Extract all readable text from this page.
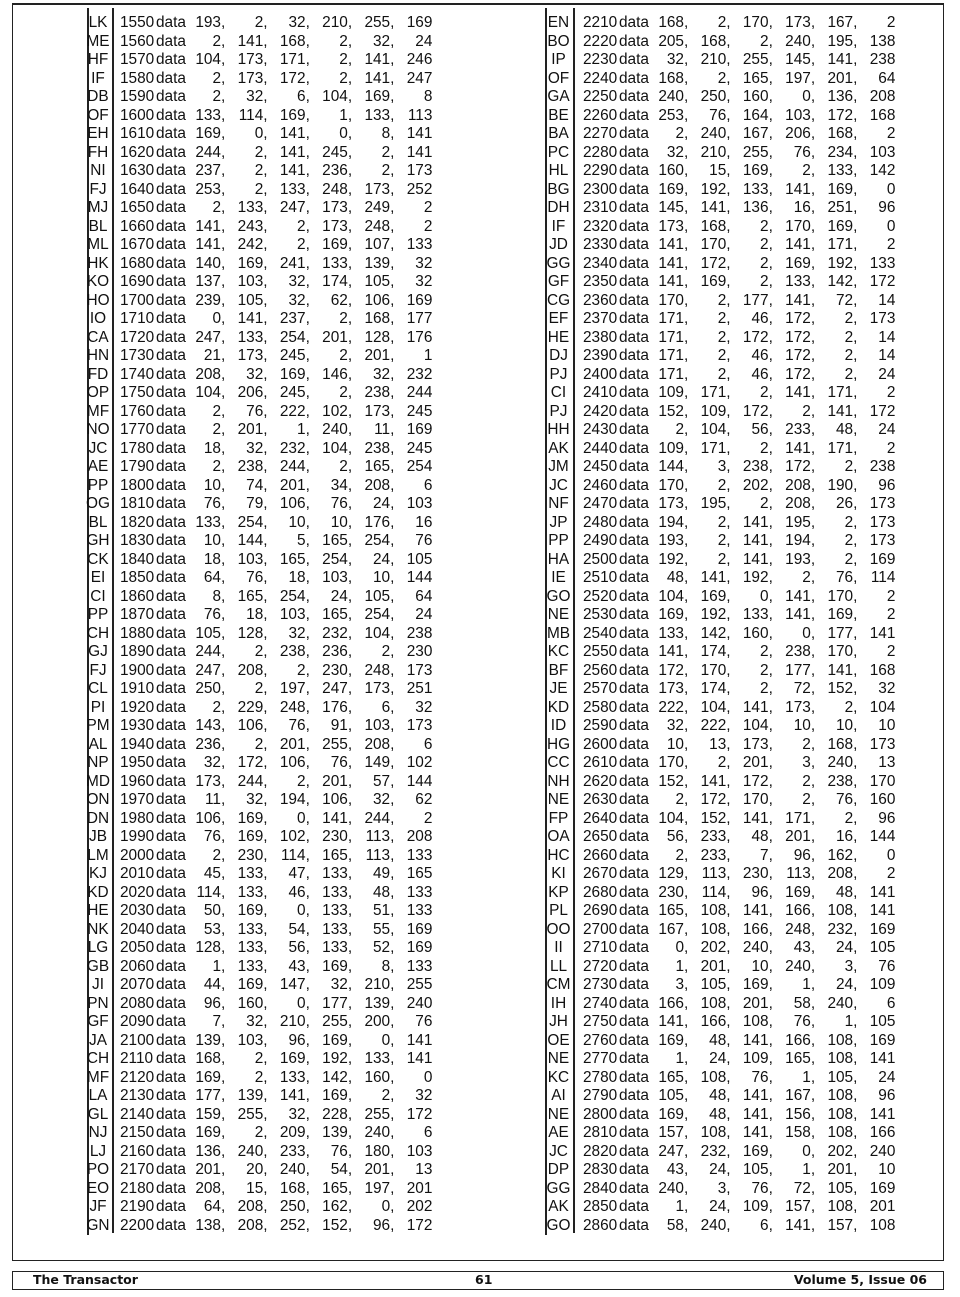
LK 1550 data 193, 2, 32, 210, 255, 169
ME 1560 data 2, 141, 168, 2, 32, 24
HF 1570 data 104, 173, 171, 2, 141, 246
IF 1580 data 2, 173, 172, 2, 141, 247
DB 1590 data 2, 32, 6, 104, 169, 8
OF 1600 data 133, 114, 169, 1, 133, 113
EH 1610 data 169, 0, 141, 0, 8, 141
FH 1620 data 244, 2, 141, 245, 2, 141
NI 1630 data 237, 2, 141, 236, 2, 173
FJ 1640 data 253, 2, 133, 248, 173, 252
MJ 1650 data 2, 133, 247, 173, 249, 2
BL 1660 data 141, 243, 2, 173, 248, 2
ML 1670 data 141, 242, 2, 169, 107, 133
HK 1680 data 140, 169, 241, 133, 139, 32
KO 1690 data 137, 103, 32, 174, 105, 32
HO 1700 data 239, 105, 32, 62, 106, 169
IO 1710 data 0, 141, 237, 2, 168, 177
CA 1720 data 247, 133, 254, 201, 128, 176
HN 1730 data 21, 173, 245, 2, 201, 1
FD 1740 data 208, 32, 169, 146, 32, 232
OP 1750 data 104, 206, 245, 2, 238, 244
MF 1760 data 2, 76, 222, 102, 173, 245
NO 1770 data 2, 201, 1, 240, 11, 169
JC 1780 data 18, 32, 232, 104, 238, 245
AE 1790 data 2, 238, 244, 2, 165, 254
PP 1800 data 10, 74, 201, 34, 208, 6
OG 1810 data 76, 79, 106, 76, 24, 103
BL 1820 data 133, 254, 10, 10, 176, 16
GH 1830 data 10, 144, 5, 165, 254, 76
CK 1840 data 18, 103, 165, 254, 24, 105
EI 1850 data 64, 76, 18, 103, 10, 144
CI 1860 data 8, 165, 254, 24, 105, 64
PP 1870 data 76, 18, 103, 165, 254, 24
CH 1880 data 105, 128, 32, 232, 104, 238
GJ 1890 data 244, 2, 238, 236, 2, 230
FJ 1900 data 247, 208, 2, 230, 248, 173
CL 1910 data 250, 2, 197, 247, 173, 251
PI 1920 data 2, 229, 248, 176, 6, 32
PM 1930 data 143, 106, 76, 91, 103, 173
AL 1940 data 236, 2, 201, 255, 208, 6
NP 1950 data 32, 172, 106, 76, 149, 102
MD 1960 data 173, 244, 2, 201, 57, 144
ON 1970 data 11, 32, 194, 106, 32, 62
DN 1980 data 106, 169, 0, 141, 244, 2
JB 1990 data 76, 169, 102, 230, 113, 208
LM 2000 data 2, 230, 114, 165, 113, 133
KJ 2010 data 45, 133, 47, 133, 49, 165
KD 2020 data 114, 133, 46, 133, 48, 133
HE 2030 data 50, 169, 0, 133, 51, 133
NK 2040 data 53, 133, 54, 133, 55, 169
LG 2050 data 128, 133, 56, 133, 52, 169
GB 2060 data 1, 133, 43, 169, 8, 133
JI	2070 data 44, 169, 147, 32, 210, 255
PN 2080 data 96, 160, 0, 177, 139, 240
GF 2090 data 7, 32, 210, 255, 200, 76
JA 2100 data 139, 103, 96, 169, 0, 141
CH 2110 data 168, 2, 169, 192, 133, 141
MF 2120 data 169, 2, 133, 142, 160, 0
LA 2130 data 177, 139, 141, 169, 2, 32
GL 2140 data 159, 255, 32, 228, 255, 172
NJ 2150 data 169, 2, 209, 139, 240, 6
LJ 2160 data 136, 240, 233, 76, 180, 103
PO 2170 data 201, 20, 240, 54, 201, 13
EO 2180 data 208, 15, 168, 165, 197, 201
JF 2190 data 64, 208, 250, 162, 0, 202
GN 2200 data 138, 208, 252, 152, 96, 172
EN 2210 data 168, 2, 170, 173, 167, 2
BO 2220 data 205, 168, 2, 240, 195, 138
IP	2230 data 32, 210, 255, 145, 141, 238
OF 2240 data 168, 2, 165, 197, 201, 64
GA 2250 data 240, 250, 160, 0, 136, 208
BE 2260 data 253, 76, 164, 103, 172, 168
BA 2270 data 2, 240, 167, 206, 168, 2
PC 2280 data 32, 210, 255, 76, 234, 103
HL 2290 data 160, 15, 169, 2, 133, 142
BG 2300 data 169, 192, 133, 141, 169, 0
DH 2310 data 145, 141, 136, 16, 251, 96
IF	2320 data 173, 168, 2, 170, 169, 0
JD 2330 data 141, 170, 2, 141, 171, 2
GG 2340 data 141, 172, 2, 169, 192, 133
GF 2350 data 141, 169, 2, 133, 142, 172
CG 2360 data 170, 2, 177, 141, 72, 14
EF 2370 data 171, 2, 46, 172, 2, 173
HE 2380 data 171, 2, 172, 172, 2, 14
DJ 2390 data 171, 2, 46, 172, 2, 14
PJ	2400 data 171, 2, 46, 172, 2, 24
CI	2410 data 109, 171, 2, 141, 171, 2
PJ	2420 data 152, 109, 172, 2, 141, 172
HH 2430 data 2, 104, 56, 233, 48, 24
AK 2440 data 109, 171, 2, 141, 171, 2
JM 2450 data 144, 3, 238, 172, 2, 238
JC 2460 data 170, 2, 202, 208, 190, 96
NF 2470 data 173, 195, 2, 208, 26, 173
JP	2480 data 194, 2, 141, 195, 2, 173
PP 2490 data 193, 2, 141, 194, 2, 173
HA 2500 data 192, 2, 141, 193, 2, 169
IE	2510 data 48, 141, 192, 2, 76, 114
GO 2520 data 104, 169, 0, 141, 170, 2
NE 2530 data 169, 192, 133, 141, 169, 2
MB 2540 data 133, 142, 160, 0, 177, 141
KC 2550 data 141, 174, 2, 238, 170, 2
BF 2560 data 172, 170, 2, 177, 141, 168
JE	2570 data 173, 174, 2, 72, 152, 32
KD 2580 data 222, 104, 141, 173, 2, 104
ID	2590 data 32, 222, 104, 10, 10, 10
HG 2600 data 10, 13, 173, 2, 168, 173
CC 2610 data 170, 2, 201, 3, 240, 13
NH 2620 data 152, 141, 172, 2, 238, 170
NE 2630 data 2, 172, 170, 2, 76, 160
FP 2640 data 104, 152, 141, 171, 2, 96
OA 2650 data 56, 233, 48, 201, 16, 144
HC 2660 data 2, 233, 7, 96, 162, 0
KI	2670 data 129, 113, 230, 113, 208, 2
KP 2680 data 230, 114, 96, 169, 48, 141
PL 2690 data 165, 108, 141, 166, 108, 141
OO 2700 data 167, 108, 166, 248, 232, 169
II	2710 data 0, 202, 240, 43, 24, 105
LL	2720 data 1, 201, 10, 240, 3, 76
CM 2730 data 3, 105, 169, 1, 24, 109
IH	2740 data 166, 108, 201, 58, 240, 6
JH 2750 data 141, 166, 108, 76, 1, 105
OE 2760 data 169, 48, 141, 166, 108, 169
NE 2770 data 1, 24, 109, 165, 108, 141
KC 2780 data 165, 108, 76, 1, 105, 24
AI	2790 data 105, 48, 141, 167, 108, 96
NE 2800 data 169, 48, 141, 156, 108, 141
AE 2810 data 157, 108, 141, 158, 108, 166
JC 2820 data 247, 232, 169, 0, 202, 240
DP 2830 data 43, 24, 105, 1, 201, 10
GG 2840 data 240, 3, 76, 72, 105, 169
AK 2850 data 1, 24, 109, 157, 108, 201
GO 2860 data 58, 240, 6, 141, 157, 108
The Transactor	61	Volume 5, Issue 06
